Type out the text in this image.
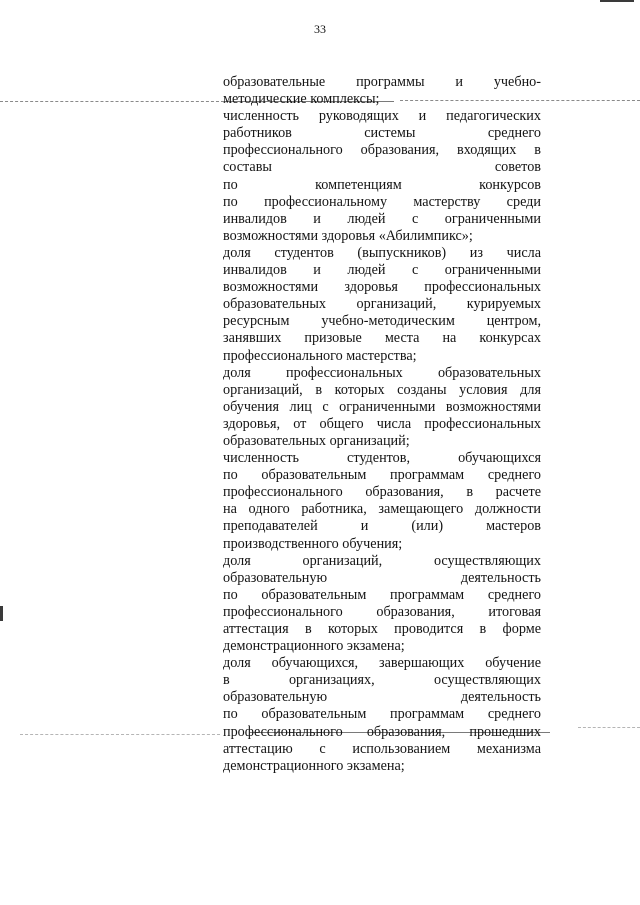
33
образовательные программы и учебно-
методические комплексы;
численность руководящих и педагогических
работников системы среднего
профессионального образования, входящих в
составы советов
по компетенциям конкурсов
по профессиональному мастерству среди
инвалидов и людей с ограниченными
возможностями здоровья «Абилимпикс»;
доля студентов (выпускников) из числа
инвалидов и людей с ограниченными
возможностями здоровья профессиональных
образовательных организаций, курируемых
ресурсным учебно-методическим центром,
занявших призовые места на конкурсах
профессионального мастерства;
доля профессиональных образовательных
организаций, в которых созданы условия для
обучения лиц с ограниченными возможностями
здоровья, от общего числа профессиональных
образовательных организаций;
численность студентов, обучающихся
по образовательным программам среднего
профессионального образования, в расчете
на одного работника, замещающего должности
преподавателей и (или) мастеров
производственного обучения;
доля организаций, осуществляющих
образовательную деятельность
по образовательным программам среднего
профессионального образования, итоговая
аттестация в которых проводится в форме
демонстрационного экзамена;
доля обучающихся, завершающих обучение
в организациях, осуществляющих
образовательную деятельность
по образовательным программам среднего
профессионального образования, прошедших
аттестацию с использованием механизма
демонстрационного экзамена;
